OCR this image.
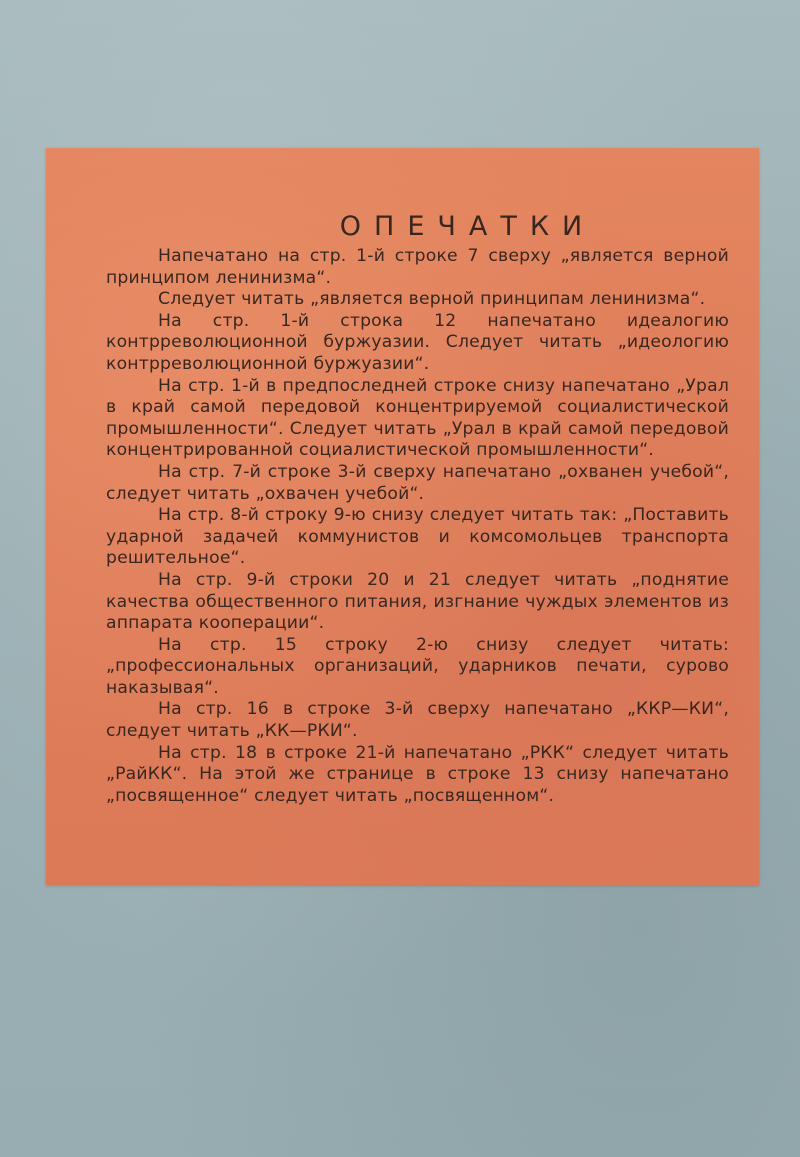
ОПЕЧАТКИ

Напечатано на стр. 1-й строке 7 сверху „является верной принципом ленинизма“.

Следует читать „является верной принципам ленинизма“.

На стр. 1-й строка 12 напечатано идеалогию контрреволюционной буржуазии. Следует читать „идеологию контрреволюционной буржуазии“.

На стр. 1-й в предпоследней строке снизу напечатано „Урал в край самой передовой концентрируемой социалистической промышленности“. Следует читать „Урал в край самой передовой концентрированной социалистической промышленности“.

На стр. 7-й строке 3-й сверху напечатано „охванен учебой“, следует читать „охвачен учебой“.

На стр. 8-й строку 9-ю снизу следует читать так: „Поставить ударной задачей коммунистов и комсомольцев транспорта решительное“.

На стр. 9-й строки 20 и 21 следует читать „поднятие качества общественного питания, изгнание чуждых элементов из аппарата кооперации“.

На стр. 15 строку 2-ю снизу следует читать: „профессиональных организаций, ударников печати, сурово наказывая“.

На стр. 16 в строке 3-й сверху напечатано „ККР—КИ“, следует читать „КК—РКИ“.

На стр. 18 в строке 21-й напечатано „РКК“ следует читать „РайКК“. На этой же странице в строке 13 снизу напечатано „посвященное“ следует читать „посвященном“.
